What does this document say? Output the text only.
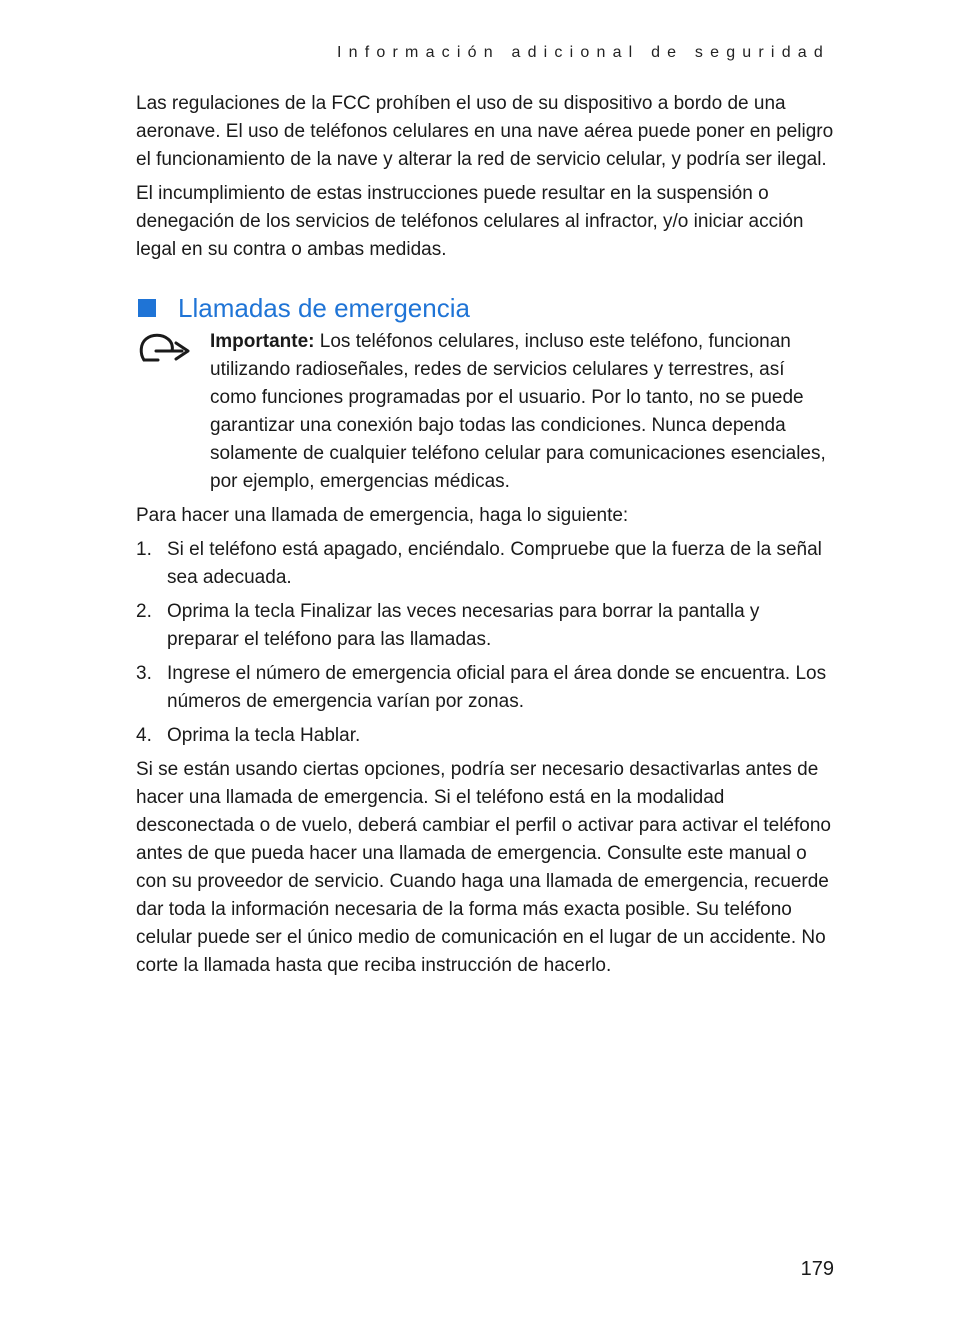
Información adicional de seguridad

Las regulaciones de la FCC prohíben el uso de su dispositivo a bordo de una aeronave. El uso de teléfonos celulares en una nave aérea puede poner en peligro el funcionamiento de la nave y alterar la red de servicio celular, y podría ser ilegal.

El incumplimiento de estas instrucciones puede resultar en la suspensión o denegación de los servicios de teléfonos celulares al infractor, y/o iniciar acción legal en su contra o ambas medidas.

Llamadas de emergencia
Importante: Los teléfonos celulares, incluso este teléfono, funcionan utilizando radioseñales, redes de servicios celulares y terrestres, así como funciones programadas por el usuario. Por lo tanto, no se puede garantizar una conexión bajo todas las condiciones. Nunca dependa solamente de cualquier teléfono celular para comunicaciones esenciales, por ejemplo, emergencias médicas.

Para hacer una llamada de emergencia, haga lo siguiente:

1. Si el teléfono está apagado, enciéndalo. Compruebe que la fuerza de la señal sea adecuada.
2. Oprima la tecla Finalizar las veces necesarias para borrar la pantalla y preparar el teléfono para las llamadas.
3. Ingrese el número de emergencia oficial para el área donde se encuentra. Los números de emergencia varían por zonas.
4. Oprima la tecla Hablar.

Si se están usando ciertas opciones, podría ser necesario desactivarlas antes de hacer una llamada de emergencia. Si el teléfono está en la modalidad desconectada o de vuelo, deberá cambiar el perfil o activar para activar el teléfono antes de que pueda hacer una llamada de emergencia. Consulte este manual o con su proveedor de servicio. Cuando haga una llamada de emergencia, recuerde dar toda la información necesaria de la forma más exacta posible. Su teléfono celular puede ser el único medio de comunicación en el lugar de un accidente. No corte la llamada hasta que reciba instrucción de hacerlo.

179
